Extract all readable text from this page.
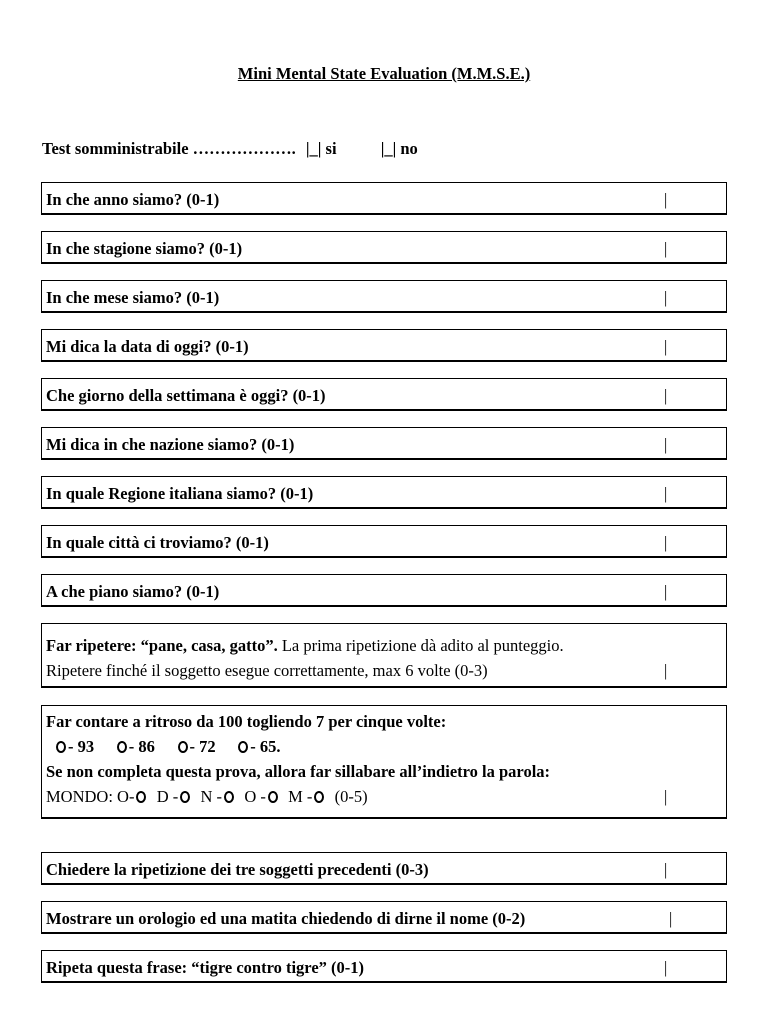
Mini Mental State Evaluation (M.M.S.E.)
Test somministrabile ………………. |_| si	|_| no
In che anno siamo? (0-1)	|
In che stagione siamo? (0-1)	|
In che mese siamo? (0-1)	|
Mi dica la data di oggi? (0-1)	|
Che giorno della settimana è oggi? (0-1)	|
Mi dica in che nazione siamo? (0-1)	|
In quale Regione italiana siamo? (0-1)	|
In quale città ci troviamo? (0-1)	|
A che piano siamo? (0-1)	|
Far ripetere: “pane, casa, gatto”. La prima ripetizione dà adito al punteggio.
Ripetere finché il soggetto esegue correttamente, max 6 volte (0-3)	|
Far contare a ritroso da 100 togliendo 7 per cinque volte:
- 93 - 86 - 72 - 65.
Se non completa questa prova, allora far sillabare all’indietro la parola:
MONDO: O- D - N - O - M - (0-5)	|
Chiedere la ripetizione dei tre soggetti precedenti (0-3)	|
Mostrare un orologio ed una matita chiedendo di dirne il nome (0-2)	|
Ripeta questa frase: “tigre contro tigre” (0-1)	|
